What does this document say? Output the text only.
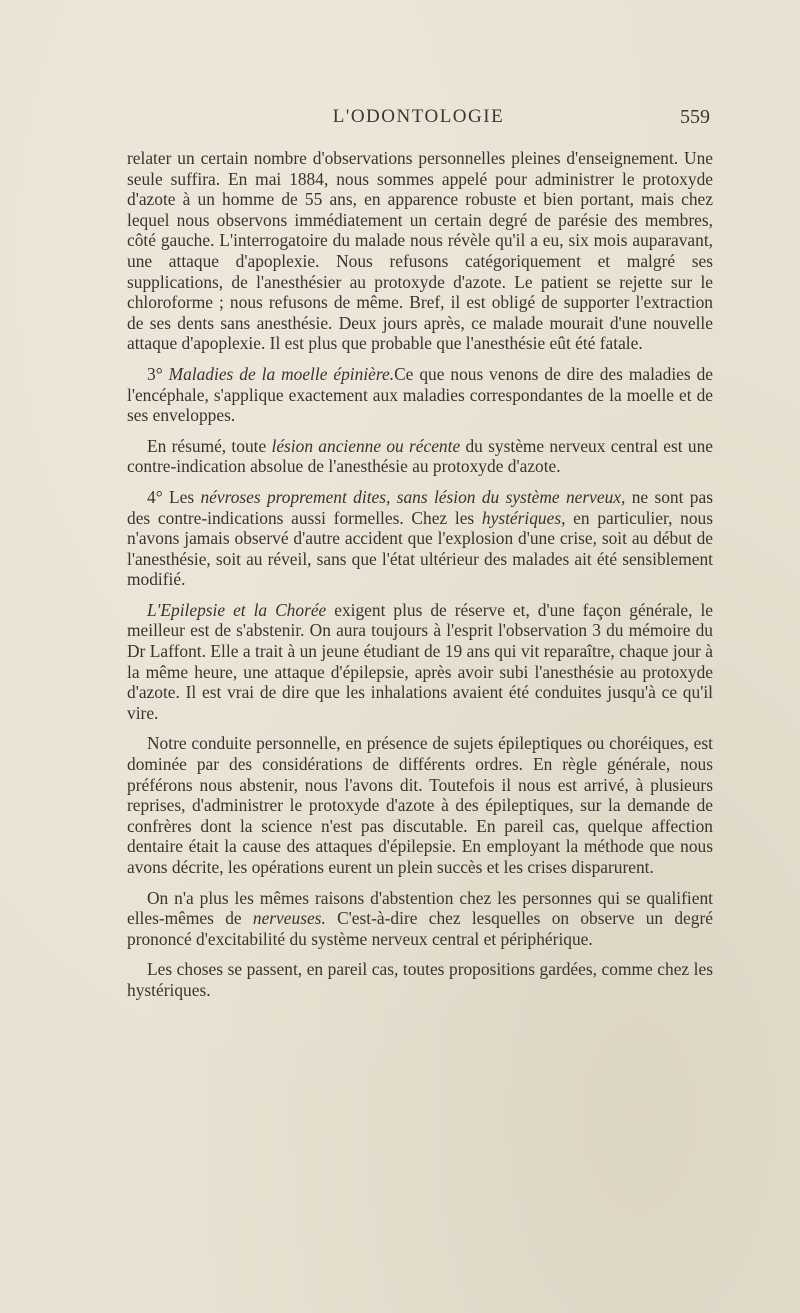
L'ODONTOLOGIE	559

relater un certain nombre d'observations personnelles pleines d'enseignement. Une seule suffira. En mai 1884, nous sommes appelé pour administrer le protoxyde d'azote à un homme de 55 ans, en apparence robuste et bien portant, mais chez lequel nous observons immédiatement un certain degré de parésie des membres, côté gauche. L'interrogatoire du malade nous révèle qu'il a eu, six mois auparavant, une attaque d'apoplexie. Nous refusons catégoriquement et malgré ses supplications, de l'anesthésier au protoxyde d'azote. Le patient se rejette sur le chloroforme ; nous refusons de même. Bref, il est obligé de supporter l'extraction de ses dents sans anesthésie. Deux jours après, ce malade mourait d'une nouvelle attaque d'apoplexie. Il est plus que probable que l'anesthésie eût été fatale.

3° Maladies de la moelle épinière.Ce que nous venons de dire des maladies de l'encéphale, s'applique exactement aux maladies correspondantes de la moelle et de ses enveloppes.

En résumé, toute lésion ancienne ou récente du système nerveux central est une contre-indication absolue de l'anesthésie au protoxyde d'azote.

4° Les névroses proprement dites, sans lésion du système nerveux, ne sont pas des contre-indications aussi formelles. Chez les hystériques, en particulier, nous n'avons jamais observé d'autre accident que l'explosion d'une crise, soit au début de l'anesthésie, soit au réveil, sans que l'état ultérieur des malades ait été sensiblement modifié.

L'Epilepsie et la Chorée exigent plus de réserve et, d'une façon générale, le meilleur est de s'abstenir. On aura toujours à l'esprit l'observation 3 du mémoire du Dr Laffont. Elle a trait à un jeune étudiant de 19 ans qui vit reparaître, chaque jour à la même heure, une attaque d'épilepsie, après avoir subi l'anesthésie au protoxyde d'azote. Il est vrai de dire que les inhalations avaient été conduites jusqu'à ce qu'il vire.

Notre conduite personnelle, en présence de sujets épileptiques ou choréiques, est dominée par des considérations de différents ordres. En règle générale, nous préférons nous abstenir, nous l'avons dit. Toutefois il nous est arrivé, à plusieurs reprises, d'administrer le protoxyde d'azote à des épileptiques, sur la demande de confrères dont la science n'est pas discutable. En pareil cas, quelque affection dentaire était la cause des attaques d'épilepsie. En employant la méthode que nous avons décrite, les opérations eurent un plein succès et les crises disparurent.

On n'a plus les mêmes raisons d'abstention chez les personnes qui se qualifient elles-mêmes de nerveuses. C'est-à-dire chez lesquelles on observe un degré prononcé d'excitabilité du système nerveux central et périphérique.

Les choses se passent, en pareil cas, toutes propositions gardées, comme chez les hystériques.
